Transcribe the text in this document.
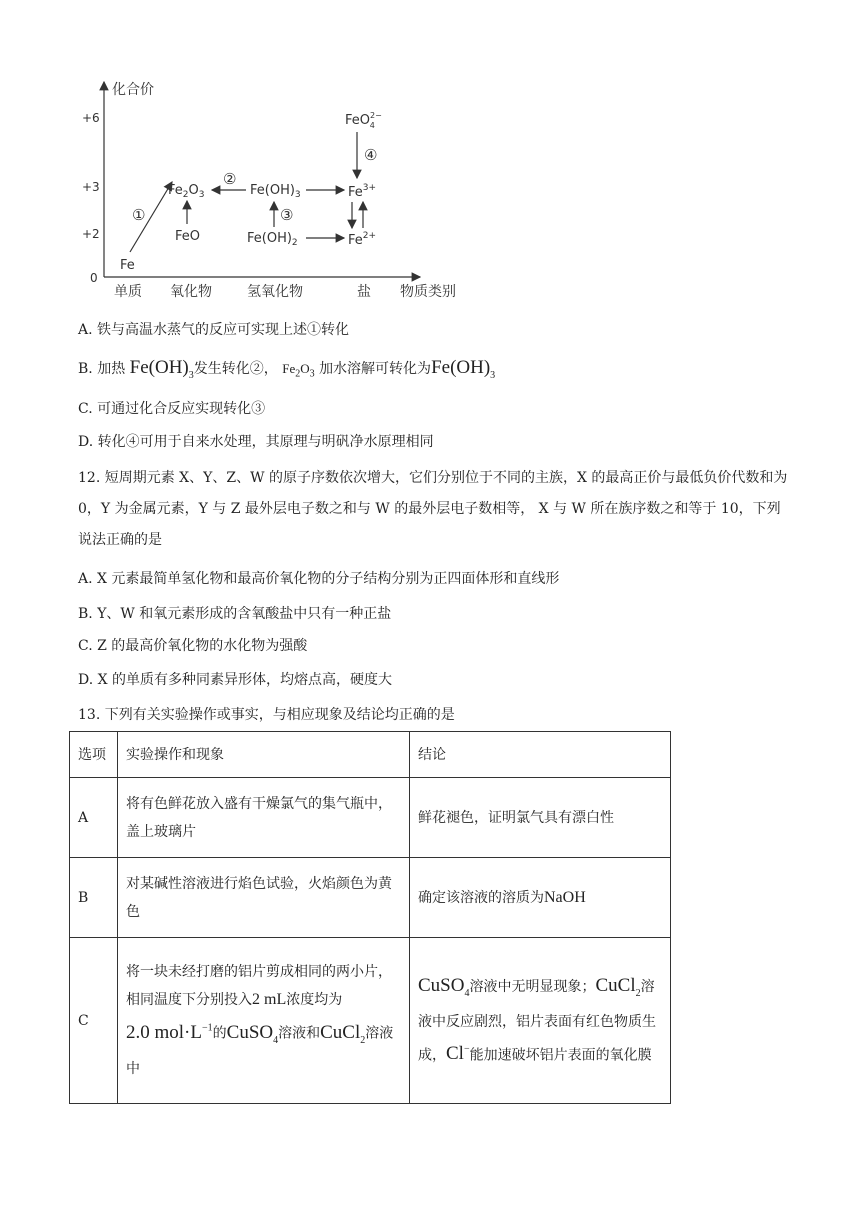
化合价
+6
+3
+2
0
单质 氧化物	氢氧化物	盐 物质类别
Fe
$Fe_2O_3$
FeO
$Fe(OH)_3$
$Fe(OH)_2$
$Fe^{3+}$
$Fe^{2+}$
FeO$^{2-}$ 4
①
②
③
④
A. 铁与高温水蒸气的反应可实现上述①转化
B. 加热 $Fe(OH)_3$发生转化②， $Fe_2O_3$ 加水溶解可转化为$Fe(OH)_3$
C. 可通过化合反应实现转化③
D. 转化④可用于自来水处理，其原理与明矾净水原理相同
12. 短周期元素 X、Y、Z、W 的原子序数依次增大，它们分别位于不同的主族，X 的最高正价与最低负价代数和为 0，Y 为金属元素，Y 与 Z 最外层电子数之和与 W 的最外层电子数相等， X 与 W 所在族序数之和等于 10，下列说法正确的是
A. X 元素最简单氢化物和最高价氧化物的分子结构分别为正四面体形和直线形
B. Y、W 和氧元素形成的含氧酸盐中只有一种正盐
C. Z 的最高价氧化物的水化物为强酸
D. X 的单质有多种同素异形体，均熔点高，硬度大
13. 下列有关实验操作或事实，与相应现象及结论均正确的是
选项	实验操作和现象	结论
A	将有色鲜花放入盛有干燥氯气的集气瓶中，盖上玻璃片	鲜花褪色，证明氯气具有漂白性
B	对某碱性溶液进行焰色试验，火焰颜色为黄色	确定该溶液的溶质为NaOH
C	将一块未经打磨的铝片剪成相同的两小片，相同温度下分别投入2 mL浓度均为
2.0 $mol\cdot L^{-1}$的CuSO$_4$溶液和CuCl$_2$溶液中	CuSO$_4$溶液中无明显现象；CuCl$_2$溶液中反应剧烈，铝片表面有红色物质生成，Cl−能加速破坏铝片表面的氧化膜
